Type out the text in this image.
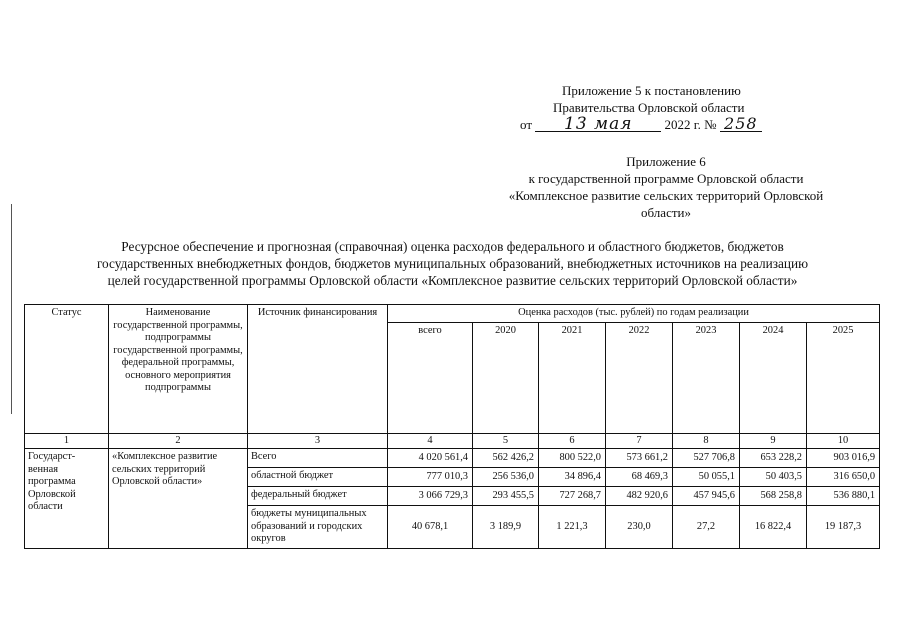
Приложение 5 к постановлению
Правительства Орловской области
от 13 мая 2022 г. № 258
Приложение 6
к государственной программе Орловской области
«Комплексное развитие сельских территорий Орловской
области»
Ресурсное обеспечение и прогнозная (справочная) оценка расходов федерального и областного бюджетов, бюджетов
государственных внебюджетных фондов, бюджетов муниципальных образований, внебюджетных источников на реализацию
целей государственной программы Орловской области «Комплексное развитие сельских территорий Орловской области»
Статус	Наименование государственной программы, подпрограммы государственной программы, федеральной программы, основного мероприятия подпрограммы	Источник финансирования	Оценка расходов (тыс. рублей) по годам реализации						
			всего	2020	2021	2022	2023	2024	2025
1	2	3	4	5	6	7	8	9	10
Государст-венная программа Орловской области	«Комплексное развитие сельских территорий Орловской области»	Всего	4 020 561,4	562 426,2	800 522,0	573 661,2	527 706,8	653 228,2	903 016,9
		областной бюджет	777 010,3	256 536,0	34 896,4	68 469,3	50 055,1	50 403,5	316 650,0
		федеральный бюджет	3 066 729,3	293 455,5	727 268,7	482 920,6	457 945,6	568 258,8	536 880,1
		бюджеты муниципальных образований и городских округов	40 678,1	3 189,9	1 221,3	230,0	27,2	16 822,4	19 187,3
